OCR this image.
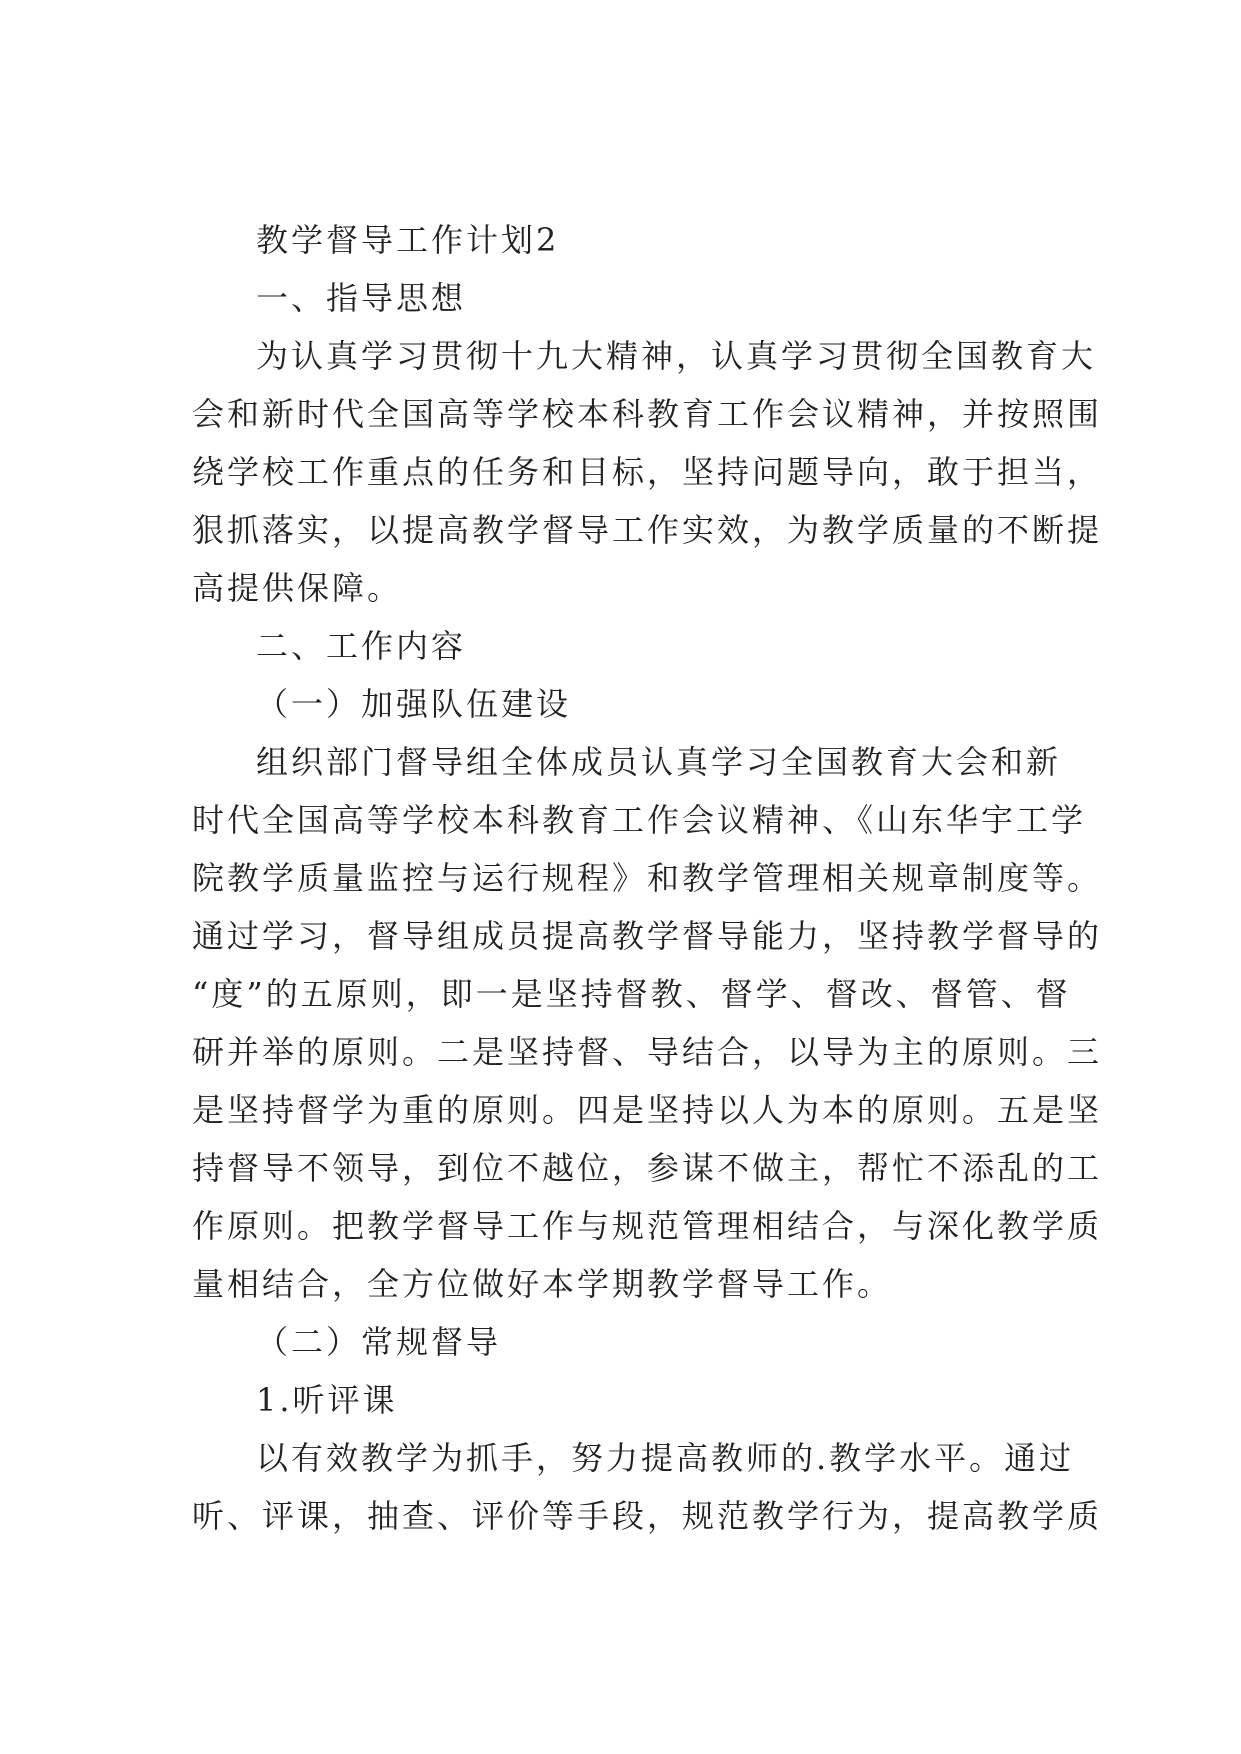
教学督导工作计划2
一、指导思想
为认真学习贯彻十九大精神，认真学习贯彻全国教育大
会和新时代全国高等学校本科教育工作会议精神，并按照围
绕学校工作重点的任务和目标，坚持问题导向，敢于担当，
狠抓落实，以提高教学督导工作实效，为教学质量的不断提
高提供保障。
二、工作内容
（一）加强队伍建设
组织部门督导组全体成员认真学习全国教育大会和新
时代全国高等学校本科教育工作会议精神、《山东华宇工学
院教学质量监控与运行规程》和教学管理相关规章制度等。
通过学习，督导组成员提高教学督导能力，坚持教学督导的
“度”的五原则，即一是坚持督教、督学、督改、督管、督
研并举的原则。二是坚持督、导结合，以导为主的原则。三
是坚持督学为重的原则。四是坚持以人为本的原则。五是坚
持督导不领导，到位不越位，参谋不做主，帮忙不添乱的工
作原则。把教学督导工作与规范管理相结合，与深化教学质
量相结合，全方位做好本学期教学督导工作。
（二）常规督导
1.听评课
以有效教学为抓手，努力提高教师的.教学水平。通过
听、评课，抽查、评价等手段，规范教学行为，提高教学质
